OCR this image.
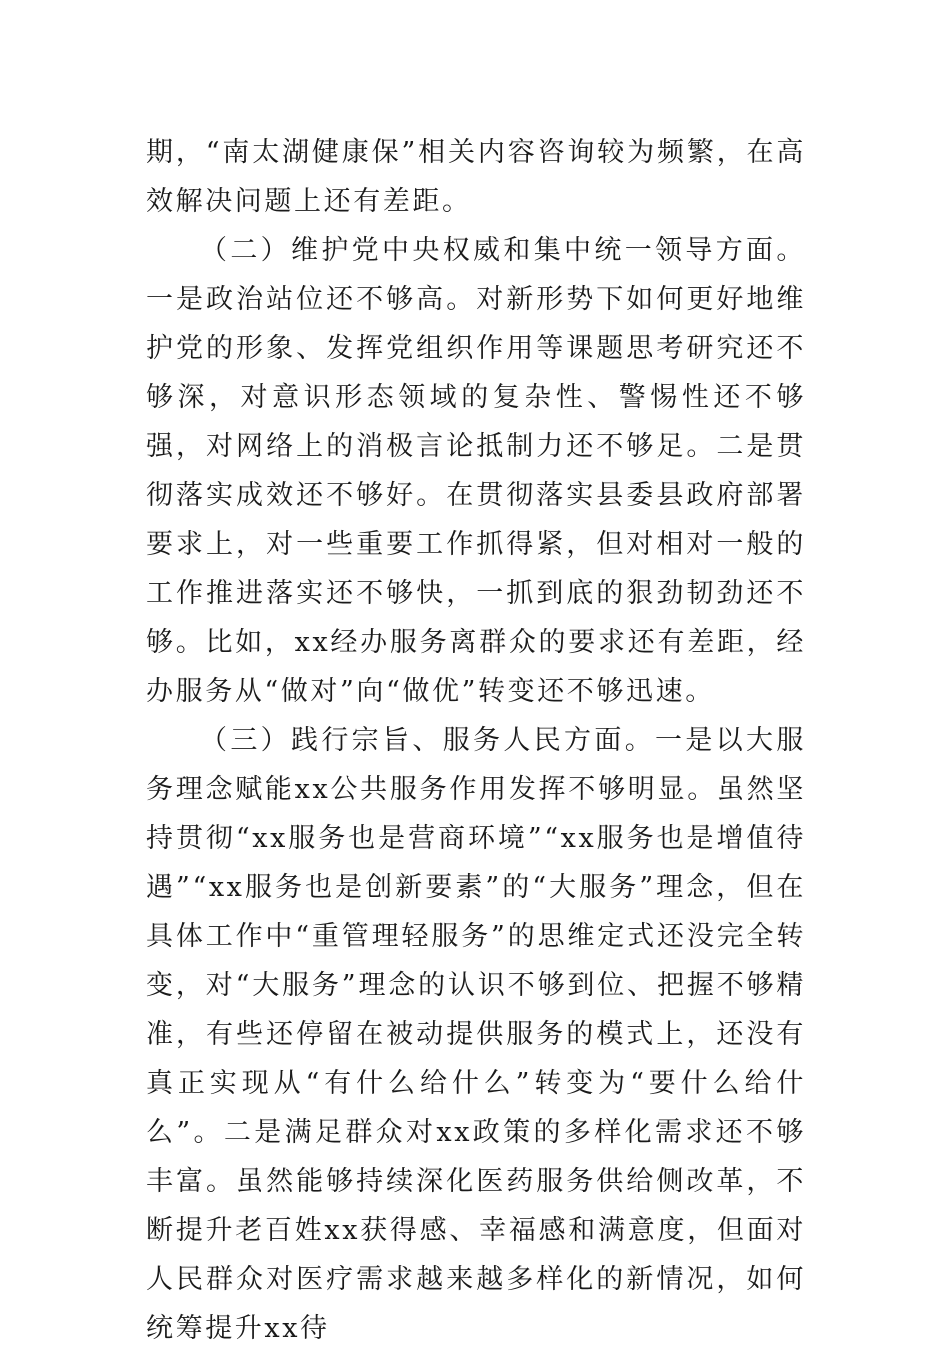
期，“南太湖健康保”相关内容咨询较为频繁，在高效解决问题上还有差距。

（二）维护党中央权威和集中统一领导方面。一是政治站位还不够高。对新形势下如何更好地维护党的形象、发挥党组织作用等课题思考研究还不够深，对意识形态领域的复杂性、警惕性还不够强，对网络上的消极言论抵制力还不够足。二是贯彻落实成效还不够好。在贯彻落实县委县政府部署要求上，对一些重要工作抓得紧，但对相对一般的工作推进落实还不够快，一抓到底的狠劲韧劲还不够。比如，xx经办服务离群众的要求还有差距，经办服务从“做对”向“做优”转变还不够迅速。

（三）践行宗旨、服务人民方面。一是以大服务理念赋能xx公共服务作用发挥不够明显。虽然坚持贯彻“xx服务也是营商环境”“xx服务也是增值待遇”“xx服务也是创新要素”的“大服务”理念，但在具体工作中“重管理轻服务”的思维定式还没完全转变，对“大服务”理念的认识不够到位、把握不够精准，有些还停留在被动提供服务的模式上，还没有真正实现从“有什么给什么”转变为“要什么给什么”。二是满足群众对xx政策的多样化需求还不够丰富。虽然能够持续深化医药服务供给侧改革，不断提升老百姓xx获得感、幸福感和满意度，但面对人民群众对医疗需求越来越多样化的新情况，如何统筹提升xx待
